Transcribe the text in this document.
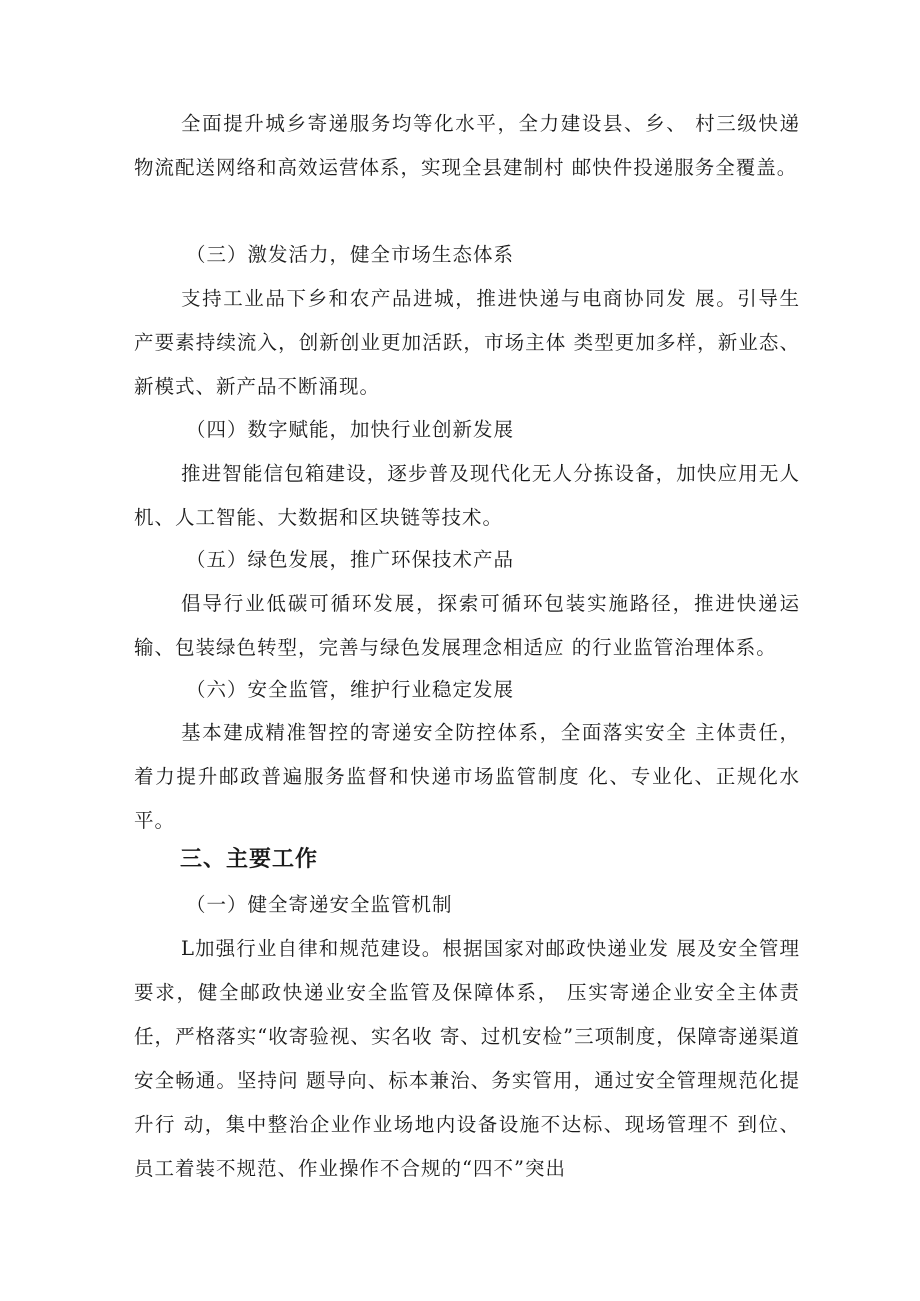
全面提升城乡寄递服务均等化水平，全力建设县、乡、 村三级快递物流配送网络和高效运营体系，实现全县建制村 邮快件投递服务全覆盖。

（三）激发活力，健全市场生态体系

支持工业品下乡和农产品进城，推进快递与电商协同发 展。引导生产要素持续流入，创新创业更加活跃，市场主体 类型更加多样，新业态、新模式、新产品不断涌现。

（四）数字赋能，加快行业创新发展

推进智能信包箱建设，逐步普及现代化无人分拣设备，加快应用无人机、人工智能、大数据和区块链等技术。

（五）绿色发展，推广环保技术产品

倡导行业低碳可循环发展，探索可循环包装实施路径，推进快递运输、包装绿色转型，完善与绿色发展理念相适应 的行业监管治理体系。

（六）安全监管，维护行业稳定发展

基本建成精准智控的寄递安全防控体系，全面落实安全 主体责任，着力提升邮政普遍服务监督和快递市场监管制度 化、专业化、正规化水平。

三、主要工作

（一）健全寄递安全监管机制

L加强行业自律和规范建设。根据国家对邮政快递业发 展及安全管理要求，健全邮政快递业安全监管及保障体系， 压实寄递企业安全主体责任，严格落实“收寄验视、实名收 寄、过机安检”三项制度，保障寄递渠道安全畅通。坚持问 题导向、标本兼治、务实管用，通过安全管理规范化提升行 动，集中整治企业作业场地内设备设施不达标、现场管理不 到位、员工着装不规范、作业操作不合规的“四不”突出
